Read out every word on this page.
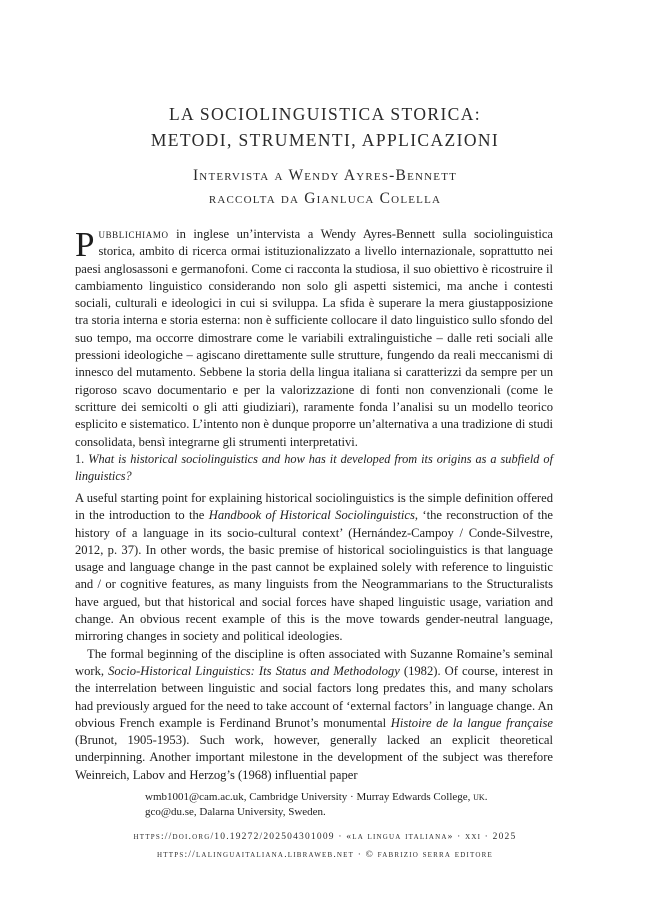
LA SOCIOLINGUISTICA STORICA:
METODI, STRUMENTI, APPLICAZIONI
Intervista a Wendy Ayres-Bennett
raccolta da Gianluca Colella
Pubblichiamo in inglese un’intervista a Wendy Ayres-Bennett sulla sociolinguistica storica, ambito di ricerca ormai istituzionalizzato a livello internazionale, soprattutto nei paesi anglosassoni e germanofoni. Come ci racconta la studiosa, il suo obiettivo è ricostruire il cambiamento linguistico considerando non solo gli aspetti sistemici, ma anche i contesti sociali, culturali e ideologici in cui si sviluppa. La sfida è superare la mera giustapposizione tra storia interna e storia esterna: non è sufficiente collocare il dato linguistico sullo sfondo del suo tempo, ma occorre dimostrare come le variabili extralinguistiche – dalle reti sociali alle pressioni ideologiche – agiscano direttamente sulle strutture, fungendo da reali meccanismi di innesco del mutamento. Sebbene la storia della lingua italiana si caratterizzi da sempre per un rigoroso scavo documentario e per la valorizzazione di fonti non convenzionali (come le scritture dei semicolti o gli atti giudiziari), raramente fonda l’analisi su un modello teorico esplicito e sistematico. L’intento non è dunque proporre un’alternativa a una tradizione di studi consolidata, bensì integrarne gli strumenti interpretativi.
1. What is historical sociolinguistics and how has it developed from its origins as a subfield of linguistics?

A useful starting point for explaining historical sociolinguistics is the simple definition offered in the introduction to the Handbook of Historical Sociolinguistics, ‘the reconstruction of the history of a language in its socio-cultural context’ (Hernández-Campoy / Conde-Silvestre, 2012, p. 37). In other words, the basic premise of historical sociolinguistics is that language usage and language change in the past cannot be explained solely with reference to linguistic and / or cognitive features, as many linguists from the Neogrammarians to the Structuralists have argued, but that historical and social forces have shaped linguistic usage, variation and change. An obvious recent example of this is the move towards gender-neutral language, mirroring changes in society and political ideologies.

The formal beginning of the discipline is often associated with Suzanne Romaine’s seminal work, Socio-Historical Linguistics: Its Status and Methodology (1982). Of course, interest in the interrelation between linguistic and social factors long predates this, and many scholars had previously argued for the need to take account of ‘external factors’ in language change. An obvious French example is Ferdinand Brunot’s monumental Histoire de la langue française (Brunot, 1905-1953). Such work, however, generally lacked an explicit theoretical underpinning. Another important milestone in the development of the subject was therefore Weinreich, Labov and Herzog’s (1968) influential paper

wmb1001@cam.ac.uk, Cambridge University · Murray Edwards College, uk.
gco@du.se, Dalarna University, Sweden.
https://doi.org/10.19272/202504301009 · «la lingua italiana» · xxi · 2025
https://lalinguaitaliana.libraweb.net · © fabrizio serra editore
